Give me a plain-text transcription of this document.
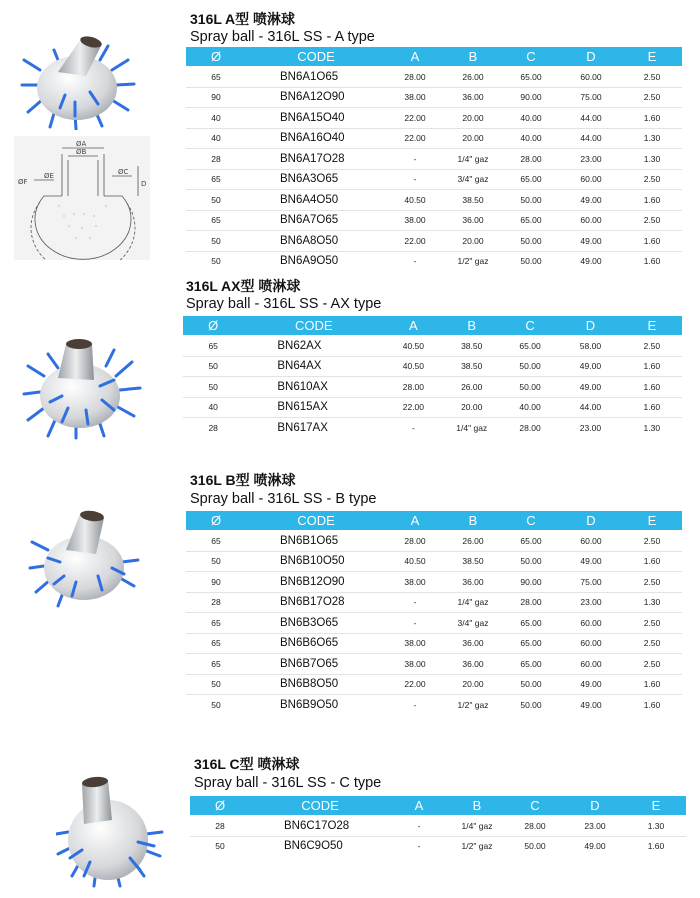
316L A型 喷淋球
Spray ball - 316L SS - A type
Ø	CODE	A	B	C	D	E
65	BN6A1O65	28.00	26.00	65.00	60.00	2.50
90	BN6A12O90	38.00	36.00	90.00	75.00	2.50
40	BN6A15O40	22.00	20.00	40.00	44.00	1.60
40	BN6A16O40	22.00	20.00	40.00	44.00	1.30
28	BN6A17O28	-	1/4" gaz	28.00	23.00	1.30
65	BN6A3O65	-	3/4" gaz	65.00	60.00	2.50
50	BN6A4O50	40.50	38.50	50.00	49.00	1.60
65	BN6A7O65	38.00	36.00	65.00	60.00	2.50
50	BN6A8O50	22.00	20.00	50.00	49.00	1.60
50	BN6A9O50	-	1/2" gaz	50.00	49.00	1.60
316L AX型 喷淋球
Spray ball - 316L SS - AX type
Ø	CODE	A	B	C	D	E
65	BN62AX	40.50	38.50	65.00	58.00	2.50
50	BN64AX	40.50	38.50	50.00	49.00	1.60
50	BN610AX	28.00	26.00	50.00	49.00	1.60
40	BN615AX	22.00	20.00	40.00	44.00	1.60
28	BN617AX	-	1/4" gaz	28.00	23.00	1.30
316L B型 喷淋球
Spray ball - 316L SS - B type
Ø	CODE	A	B	C	D	E
65	BN6B1O65	28.00	26.00	65.00	60.00	2.50
50	BN6B10O50	40.50	38.50	50.00	49.00	1.60
90	BN6B12O90	38.00	36.00	90.00	75.00	2.50
28	BN6B17O28	-	1/4" gaz	28.00	23.00	1.30
65	BN6B3O65	-	3/4" gaz	65.00	60.00	2.50
65	BN6B6O65	38.00	36.00	65.00	60.00	2.50
65	BN6B7O65	38.00	36.00	65.00	60.00	2.50
50	BN6B8O50	22.00	20.00	50.00	49.00	1.60
50	BN6B9O50	-	1/2" gaz	50.00	49.00	1.60
316L C型 喷淋球
Spray ball - 316L SS - C type
Ø	CODE	A	B	C	D	E
28	BN6C17O28	-	1/4" gaz	28.00	23.00	1.30
50	BN6C9O50	-	1/2" gaz	50.00	49.00	1.60
ØA
ØB
ØC
ØE
ØF	D
